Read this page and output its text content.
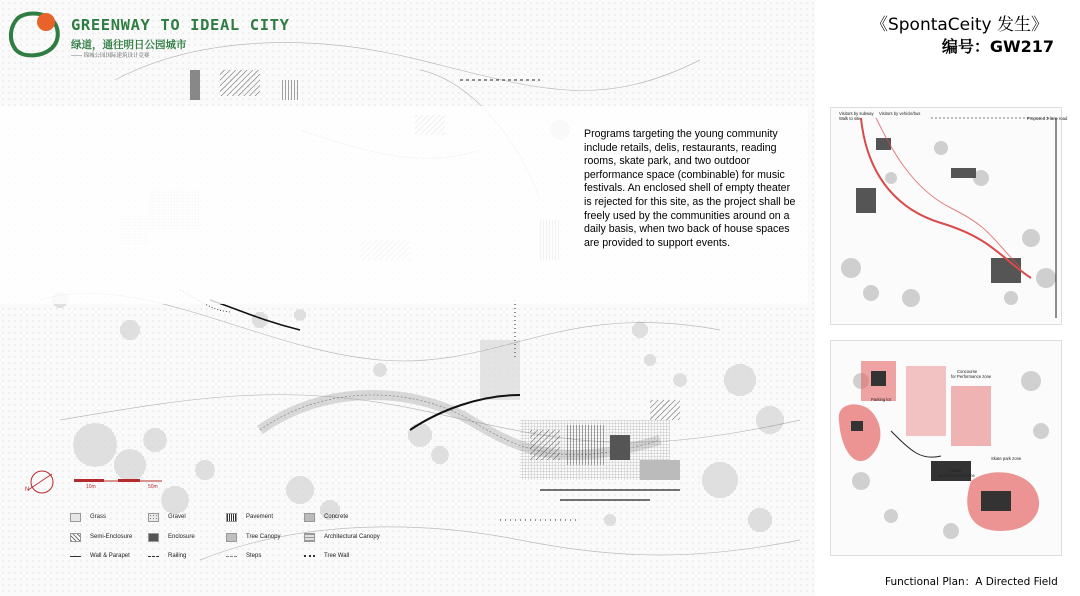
Programs targeting the young community include retails, delis, restaurants, reading rooms, skate park, and two outdoor performance space (combinable) for music festivals. An enclosed shell of empty theater is rejected for this site, as the project shall be freely used by the communities around on a daily basis, when two back of house spaces are provided to support events.
N	10m	50m
GREENWAY TO IDEAL CITY
绿道，通往明日公园城市
—— 锦城公园国际建筑设计竞赛
《SpontaCeity 发生》
编号：GW217
Visitors by subway
Walk to site
Visitors by vehicle/bus
Proposed 3-lane road
Concourse
for Performance zone
Parking lot
Future
performances zone
Skate park zone
Functional Plan：A Directed Field
Grass	Gravel	Pavement	Concrete
Semi-Enclosure	Enclosure	Tree Canopy	Architectural Canopy
Wall & Parapet	Railing	Steps	Tree Wall
